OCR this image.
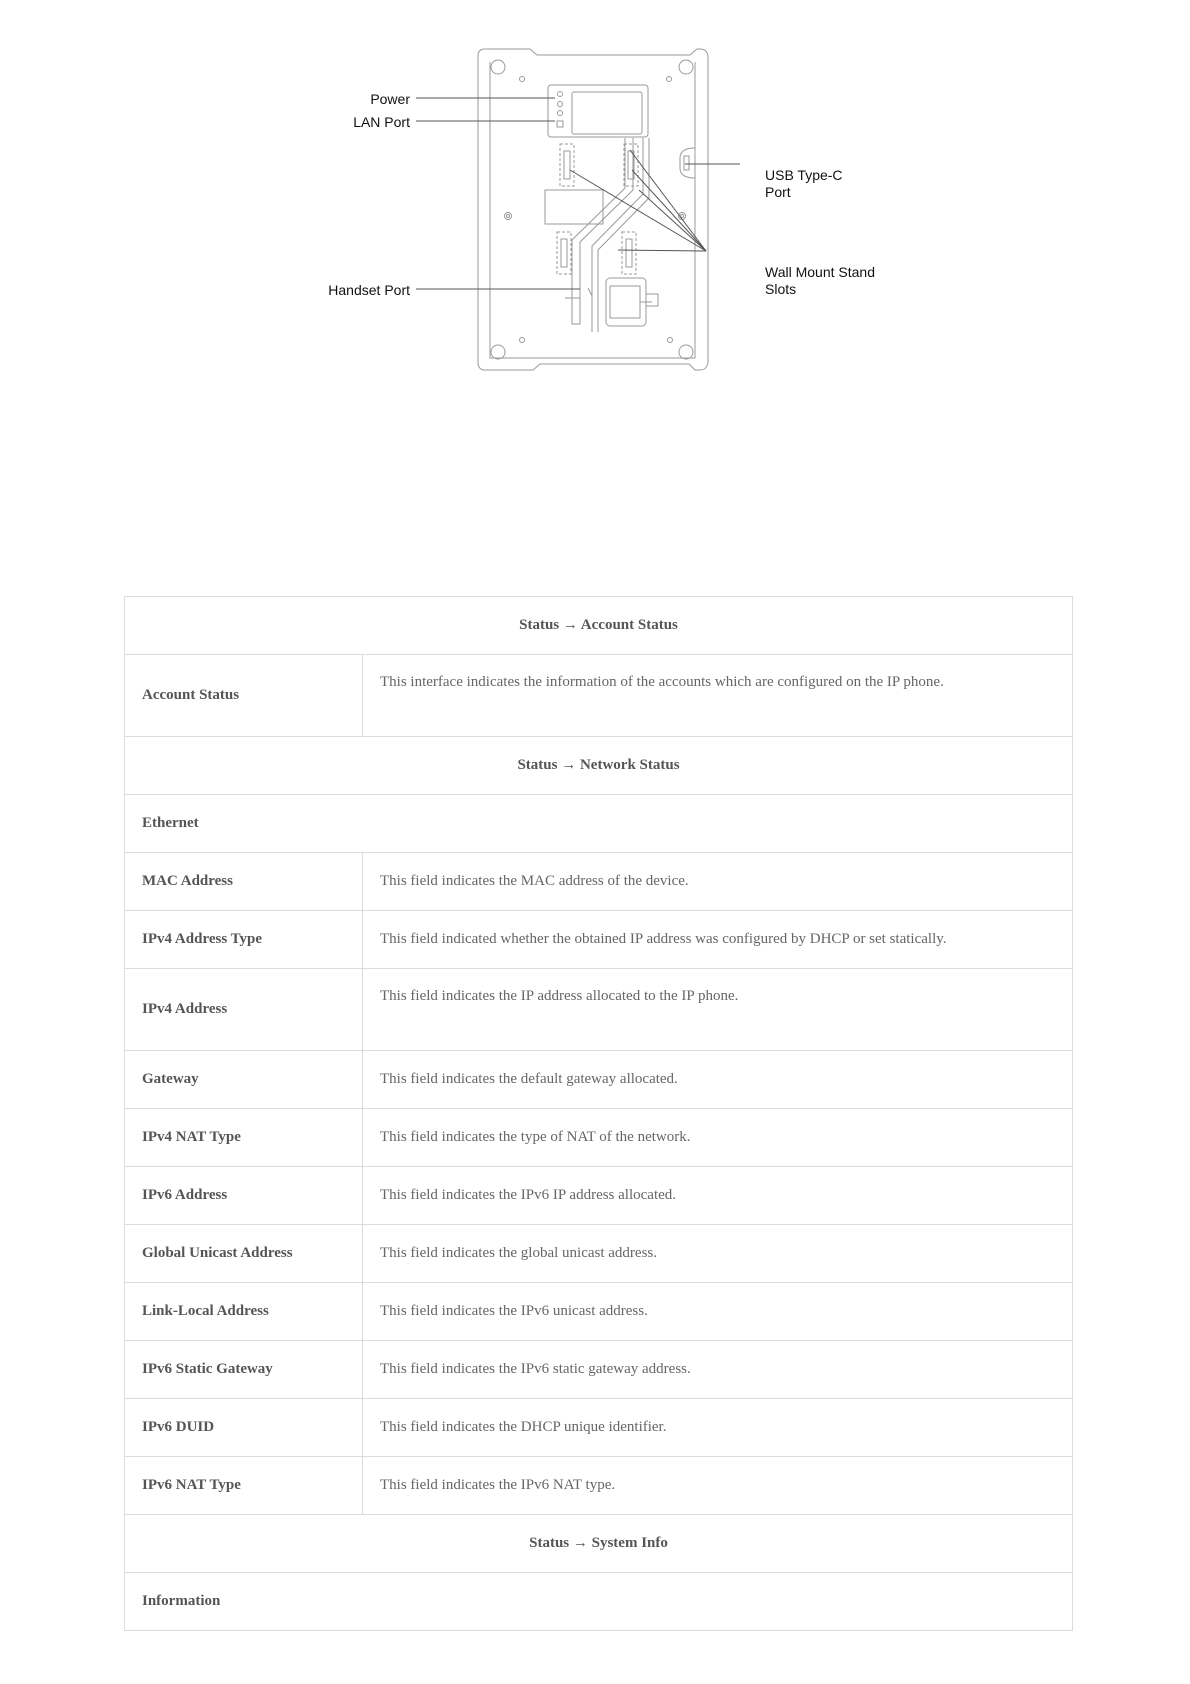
Power
LAN Port
Handset Port
USB Type-C
Port
Wall Mount Stand
Slots
Status → Account Status	
Account Status	This interface indicates the information of the accounts which are configured on the IP phone.
Status → Network Status	
Ethernet	
MAC Address	This field indicates the MAC address of the device.
IPv4 Address Type	This field indicated whether the obtained IP address was configured by DHCP or set statically.
IPv4 Address	This field indicates the IP address allocated to the IP phone.
Gateway	This field indicates the default gateway allocated.
IPv4 NAT Type	This field indicates the type of NAT of the network.
IPv6 Address	This field indicates the IPv6 IP address allocated.
Global Unicast Address	This field indicates the global unicast address.
Link-Local Address	This field indicates the IPv6 unicast address.
IPv6 Static Gateway	This field indicates the IPv6 static gateway address.
IPv6 DUID	This field indicates the DHCP unique identifier.
IPv6 NAT Type	This field indicates the IPv6 NAT type.
Status → System Info	
Information	
